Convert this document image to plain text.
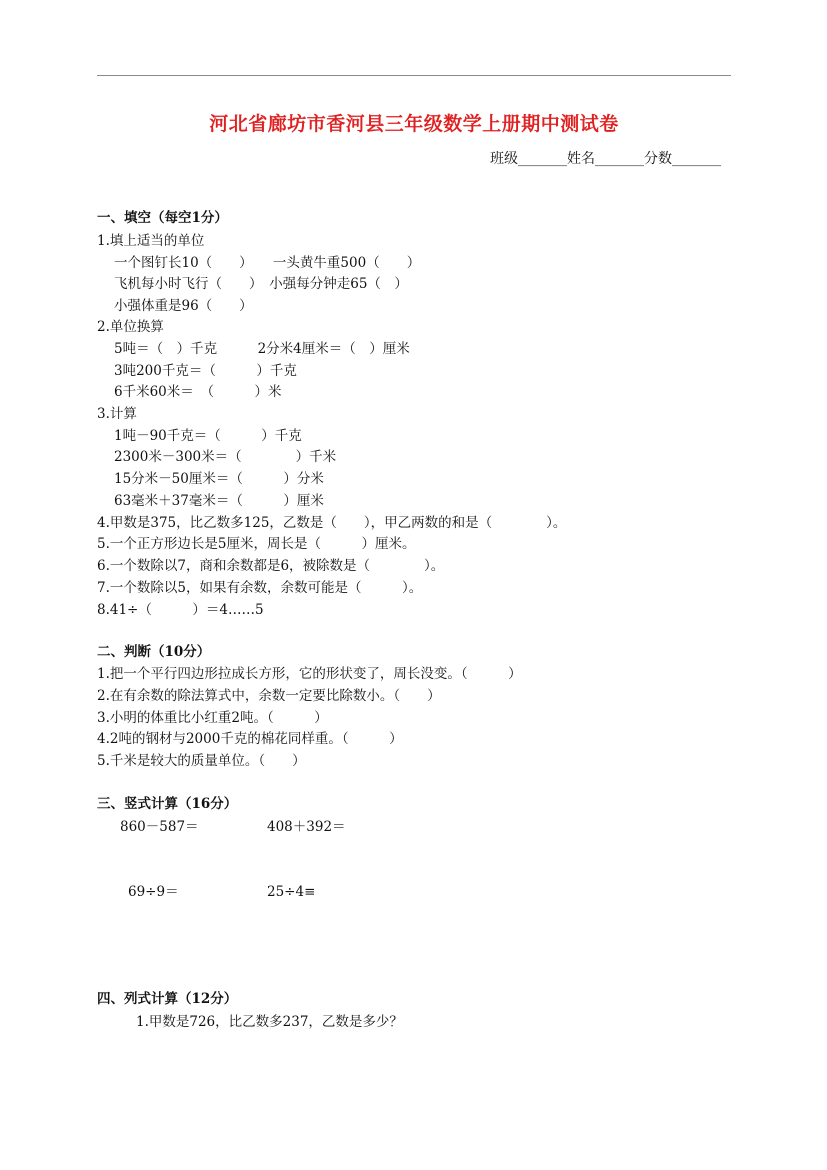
河北省廊坊市香河县三年级数学上册期中测试卷
班级_______姓名_______分数_______
一、填空（每空1分）
1.填上适当的单位
一个图钉长10（　　）　　一头黄牛重500（　　）
飞机每小时飞行（　　）　小强每分钟走65（　）
小强体重是96（　　）
2.单位换算
5吨＝（　）千克　　　2分米4厘米＝（　）厘米
3吨200千克＝（　　　）千克
6千米60米＝　（　　　）米
3.计算
1吨－90千克＝（　　　）千克
2300米－300米＝（　　　　）千米
15分米－50厘米＝（　　　）分米
63毫米＋37毫米＝（　　　）厘米
4.甲数是375，比乙数多125，乙数是（　　），甲乙两数的和是（　　　　）。
5.一个正方形边长是5厘米，周长是（　　　）厘米。
6.一个数除以7，商和余数都是6，被除数是（　　　　）。
7.一个数除以5，如果有余数，余数可能是（　　　）。
8.41÷（　　　）＝4……5
二、判断（10分）
1.把一个平行四边形拉成长方形，它的形状变了，周长没变。（　　　）
2.在有余数的除法算式中，余数一定要比除数小。（　　）
3.小明的体重比小红重2吨。（　　　）
4.2吨的钢材与2000千克的棉花同样重。（　　　）
5.千米是较大的质量单位。（　　）
三、竖式计算（16分）
860－587＝	408＋392＝
69÷9＝	25÷4≡
四、列式计算（12分）
1.甲数是726，比乙数多237，乙数是多少？
